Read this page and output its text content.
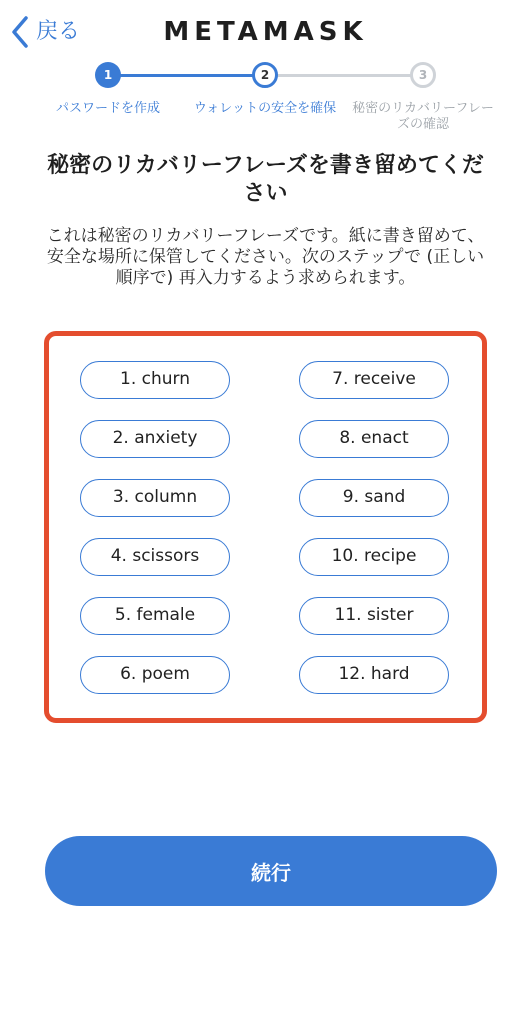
戻る	METAMASK
1	2	3
パスワードを作成	ウォレットの安全を確保	秘密のリカバリーフレーズの確認
秘密のリカバリーフレーズを書き留めてください
これは秘密のリカバリーフレーズです。紙に書き留めて、安全な場所に保管してください。次のステップで (正しい順序で) 再入力するよう求められます。
1. churn
2. anxiety
3. column
4. scissors
5. female
6. poem
7. receive
8. enact
9. sand
10. recipe
11. sister
12. hard
続行
